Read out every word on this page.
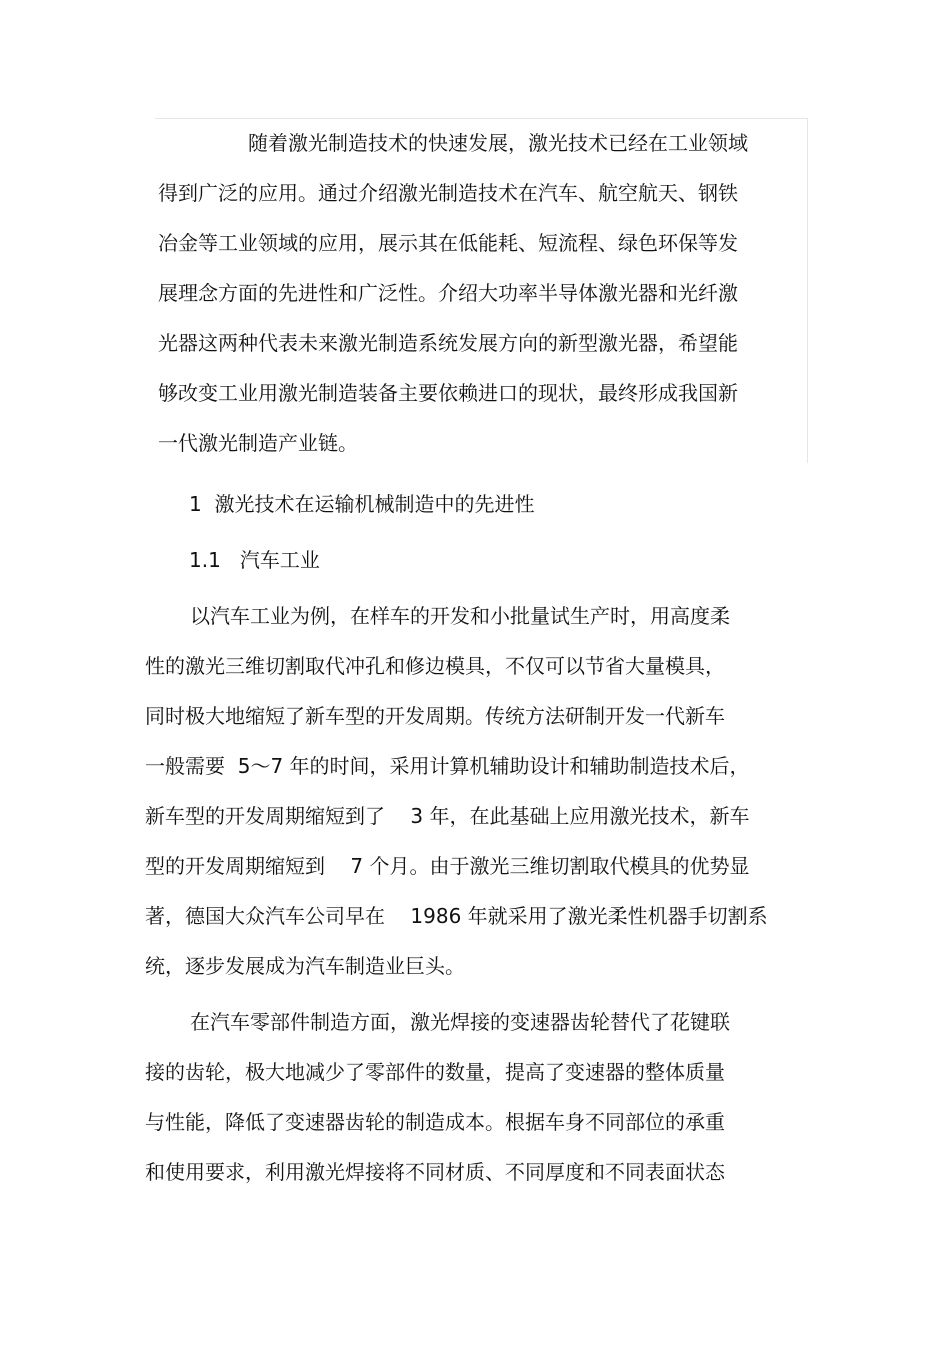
随着激光制造技术的快速发展，激光技术已经在工业领域
得到广泛的应用。通过介绍激光制造技术在汽车、航空航天、钢铁
冶金等工业领域的应用，展示其在低能耗、短流程、绿色环保等发
展理念方面的先进性和广泛性。介绍大功率半导体激光器和光纤激
光器这两种代表未来激光制造系统发展方向的新型激光器，希望能
够改变工业用激光制造装备主要依赖进口的现状，最终形成我国新
一代激光制造产业链。
1  激光技术在运输机械制造中的先进性
1.1   汽车工业
以汽车工业为例，在样车的开发和小批量试生产时，用高度柔
性的激光三维切割取代冲孔和修边模具，不仅可以节省大量模具，
同时极大地缩短了新车型的开发周期。传统方法研制开发一代新车
一般需要  5～7 年的时间，采用计算机辅助设计和辅助制造技术后，
新车型的开发周期缩短到了    3 年，在此基础上应用激光技术，新车
型的开发周期缩短到    7 个月。由于激光三维切割取代模具的优势显
著，德国大众汽车公司早在    1986 年就采用了激光柔性机器手切割系
统，逐步发展成为汽车制造业巨头。
在汽车零部件制造方面，激光焊接的变速器齿轮替代了花键联
接的齿轮，极大地减少了零部件的数量，提高了变速器的整体质量
与性能，降低了变速器齿轮的制造成本。根据车身不同部位的承重
和使用要求，利用激光焊接将不同材质、不同厚度和不同表面状态
